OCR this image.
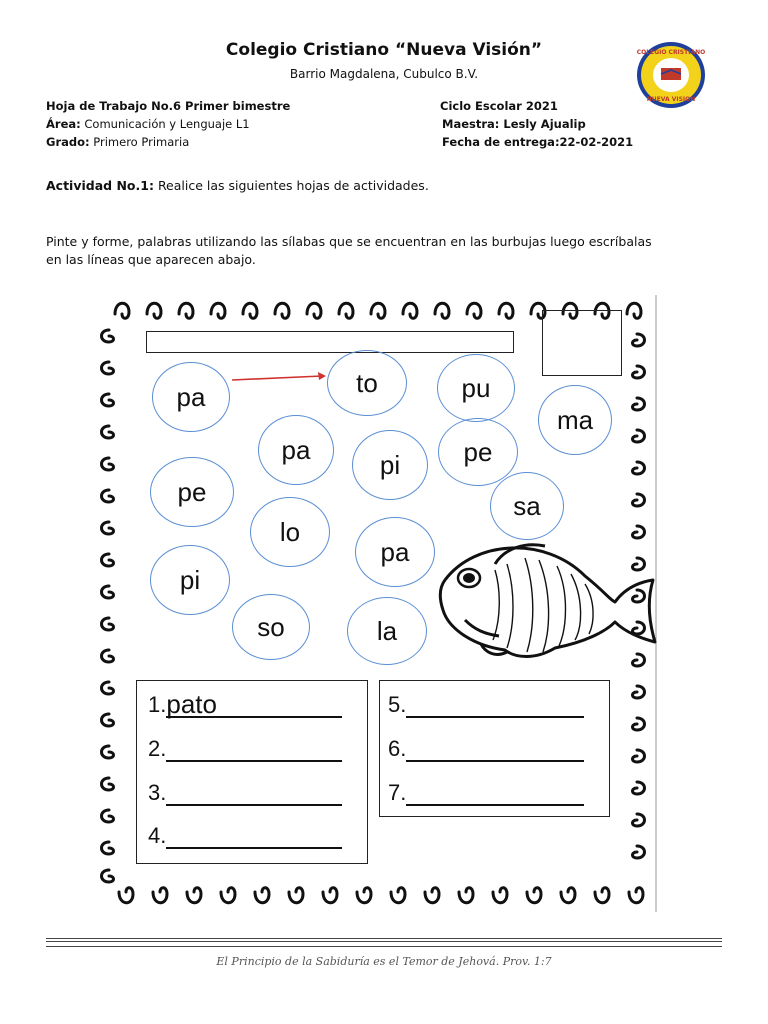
Colegio Cristiano “Nueva Visión”
Barrio Magdalena, Cubulco B.V.
COLEGIO CRISTIANO
NUEVA VISION
Hoja de Trabajo No.6 Primer bimestre
Área: Comunicación y Lenguaje L1
Grado: Primero Primaria
Ciclo Escolar 2021
Maestra: Lesly Ajualip
Fecha de entrega:22-02-2021
Actividad No.1: Realice las siguientes hojas de actividades.
Pinte y forme, palabras utilizando las sílabas que se encuentran en las burbujas luego escríbalas
en las líneas que aparecen abajo.
pa	to	pu
ma
pa	pi	pe
pe	sa
lo
pa
pi
so	la
1.pato
2.
3.
4.
5.
6.
7.
El Principio de la Sabiduría es el Temor de Jehová. Prov. 1:7
